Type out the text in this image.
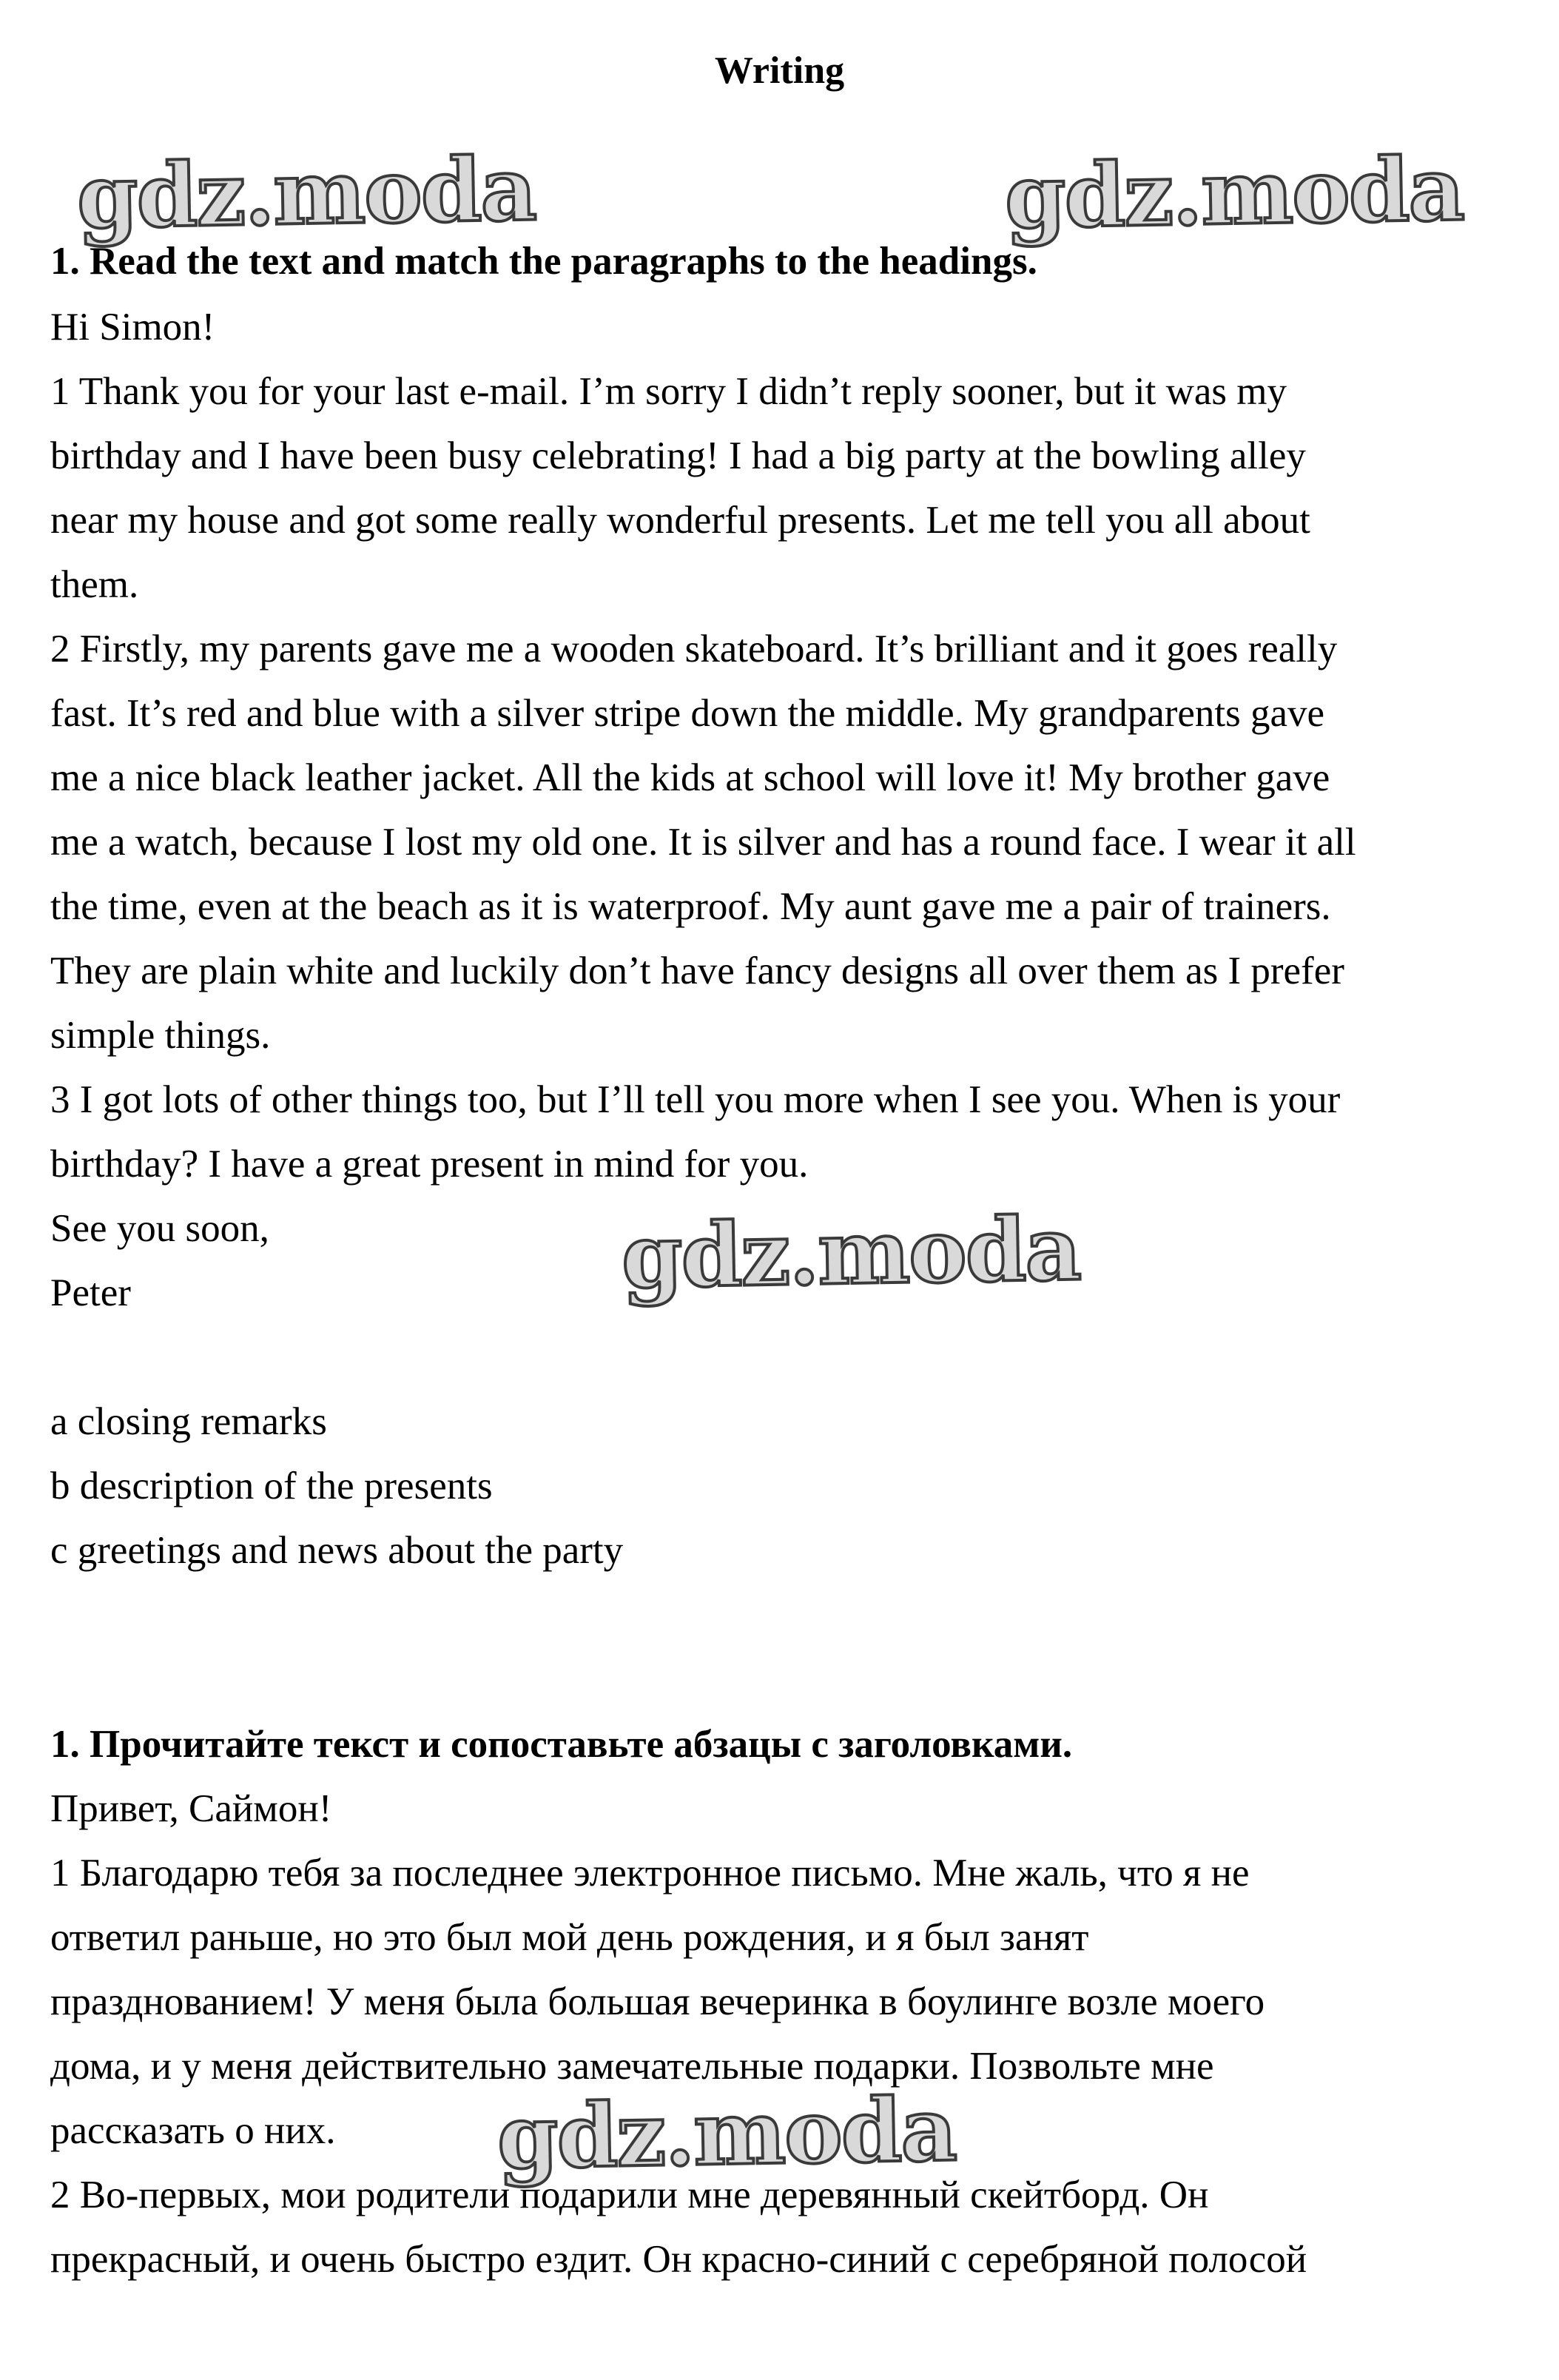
Writing
1. Read the text and match the paragraphs to the headings.
Hi Simon!
1 Thank you for your last e-mail. I’m sorry I didn’t reply sooner, but it was my
birthday and I have been busy celebrating! I had a big party at the bowling alley
near my house and got some really wonderful presents. Let me tell you all about
them.
2 Firstly, my parents gave me a wooden skateboard. It’s brilliant and it goes really
fast. It’s red and blue with a silver stripe down the middle. My grandparents gave
me a nice black leather jacket. All the kids at school will love it! My brother gave
me a watch, because I lost my old one. It is silver and has a round face. I wear it all
the time, even at the beach as it is waterproof. My aunt gave me a pair of trainers.
They are plain white and luckily don’t have fancy designs all over them as I prefer
simple things.
3 I got lots of other things too, but I’ll tell you more when I see you. When is your
birthday? I have a great present in mind for you.
See you soon,
Peter
a closing remarks
b description of the presents
c greetings and news about the party
1. Прочитайте текст и сопоставьте абзацы с заголовками.
Привет, Саймон!
1 Благодарю тебя за последнее электронное письмо. Мне жаль, что я не
ответил раньше, но это был мой день рождения, и я был занят
празднованием! У меня была большая вечеринка в боулинге возле моего
дома, и у меня действительно замечательные подарки. Позвольте мне
рассказать о них.
2 Во-первых, мои родители подарили мне деревянный скейтборд. Он
прекрасный, и очень быстро ездит. Он красно-синий с серебряной полосой
gdz.moda	gdz.moda
gdz.moda
gdz.moda
